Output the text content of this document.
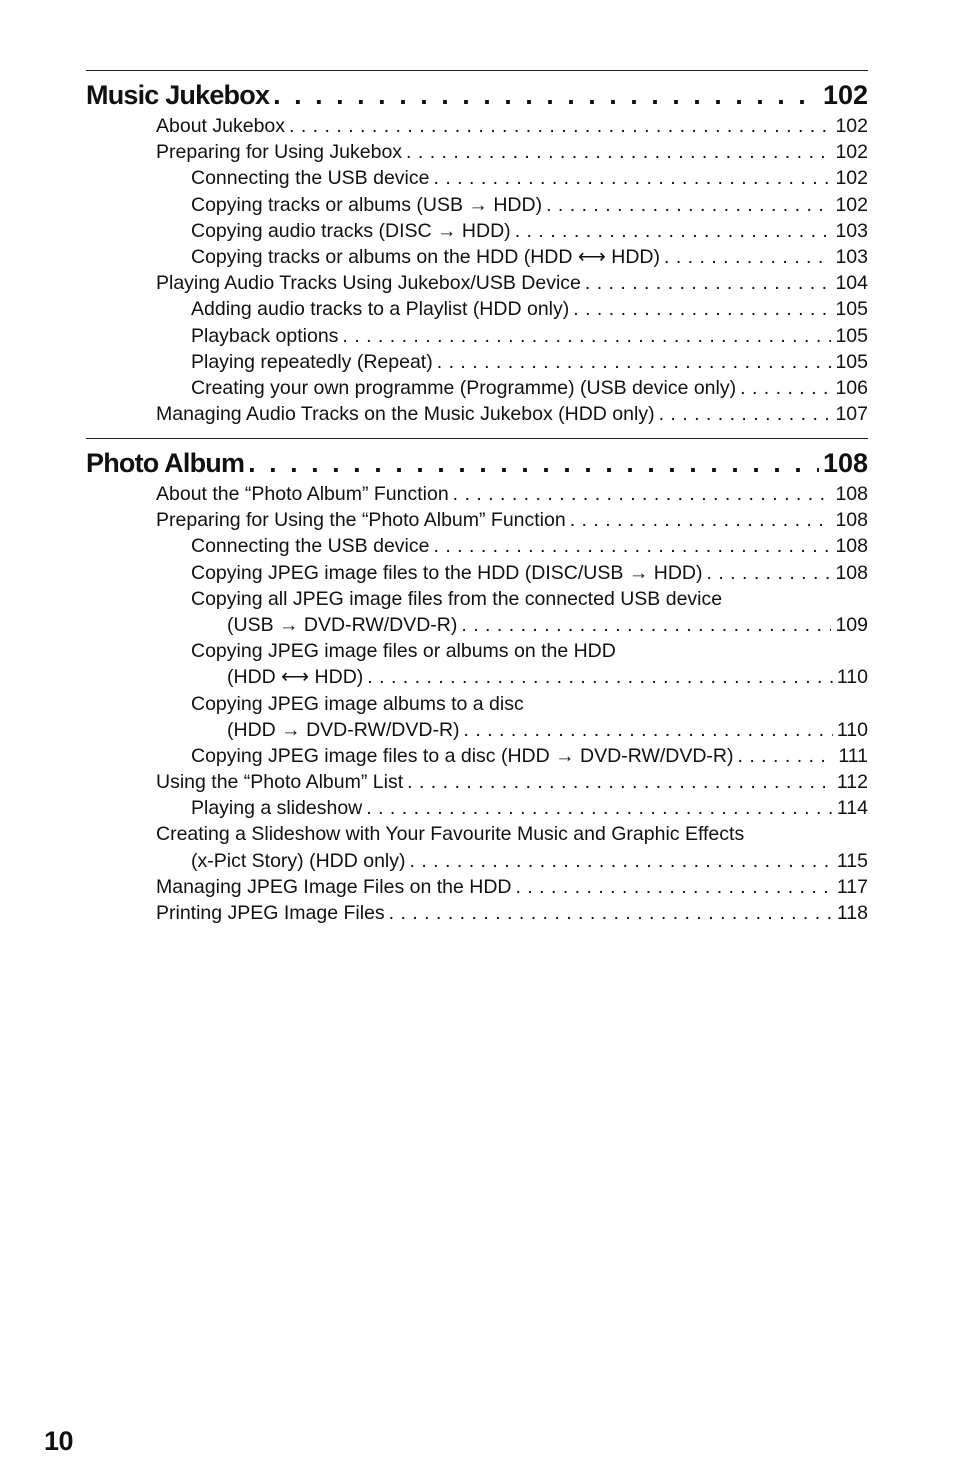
Music Jukebox . . .	102
About Jukebox . . .	102
Preparing for Using Jukebox . . .	102
Connecting the USB device . . .	102
Copying tracks or albums (USB → HDD) . . .	102
Copying audio tracks (DISC → HDD) . . .	103
Copying tracks or albums on the HDD (HDD ⟷ HDD) . . .	103
Playing Audio Tracks Using Jukebox/USB Device . . .	104
Adding audio tracks to a Playlist (HDD only) . . .	105
Playback options . . .	105
Playing repeatedly (Repeat) . . .	105
Creating your own programme (Programme) (USB device only) . . .	106
Managing Audio Tracks on the Music Jukebox (HDD only) . . .	107
Photo Album . . .	108
About the “Photo Album” Function . . .	108
Preparing for Using the “Photo Album” Function . . .	108
Connecting the USB device . . .	108
Copying JPEG image files to the HDD (DISC/USB → HDD) . . .	108
Copying all JPEG image files from the connected USB device
(USB → DVD-RW/DVD-R) . . .	109
Copying JPEG image files or albums on the HDD
(HDD ⟷ HDD) . . .	110
Copying JPEG image albums to a disc
(HDD → DVD-RW/DVD-R) . . .	110
Copying JPEG image files to a disc (HDD → DVD-RW/DVD-R) . . .	111
Using the “Photo Album” List . . .	112
Playing a slideshow . . .	114
Creating a Slideshow with Your Favourite Music and Graphic Effects
(x-Pict Story) (HDD only) . . .	115
Managing JPEG Image Files on the HDD . . .	117
Printing JPEG Image Files . . .	118
10
